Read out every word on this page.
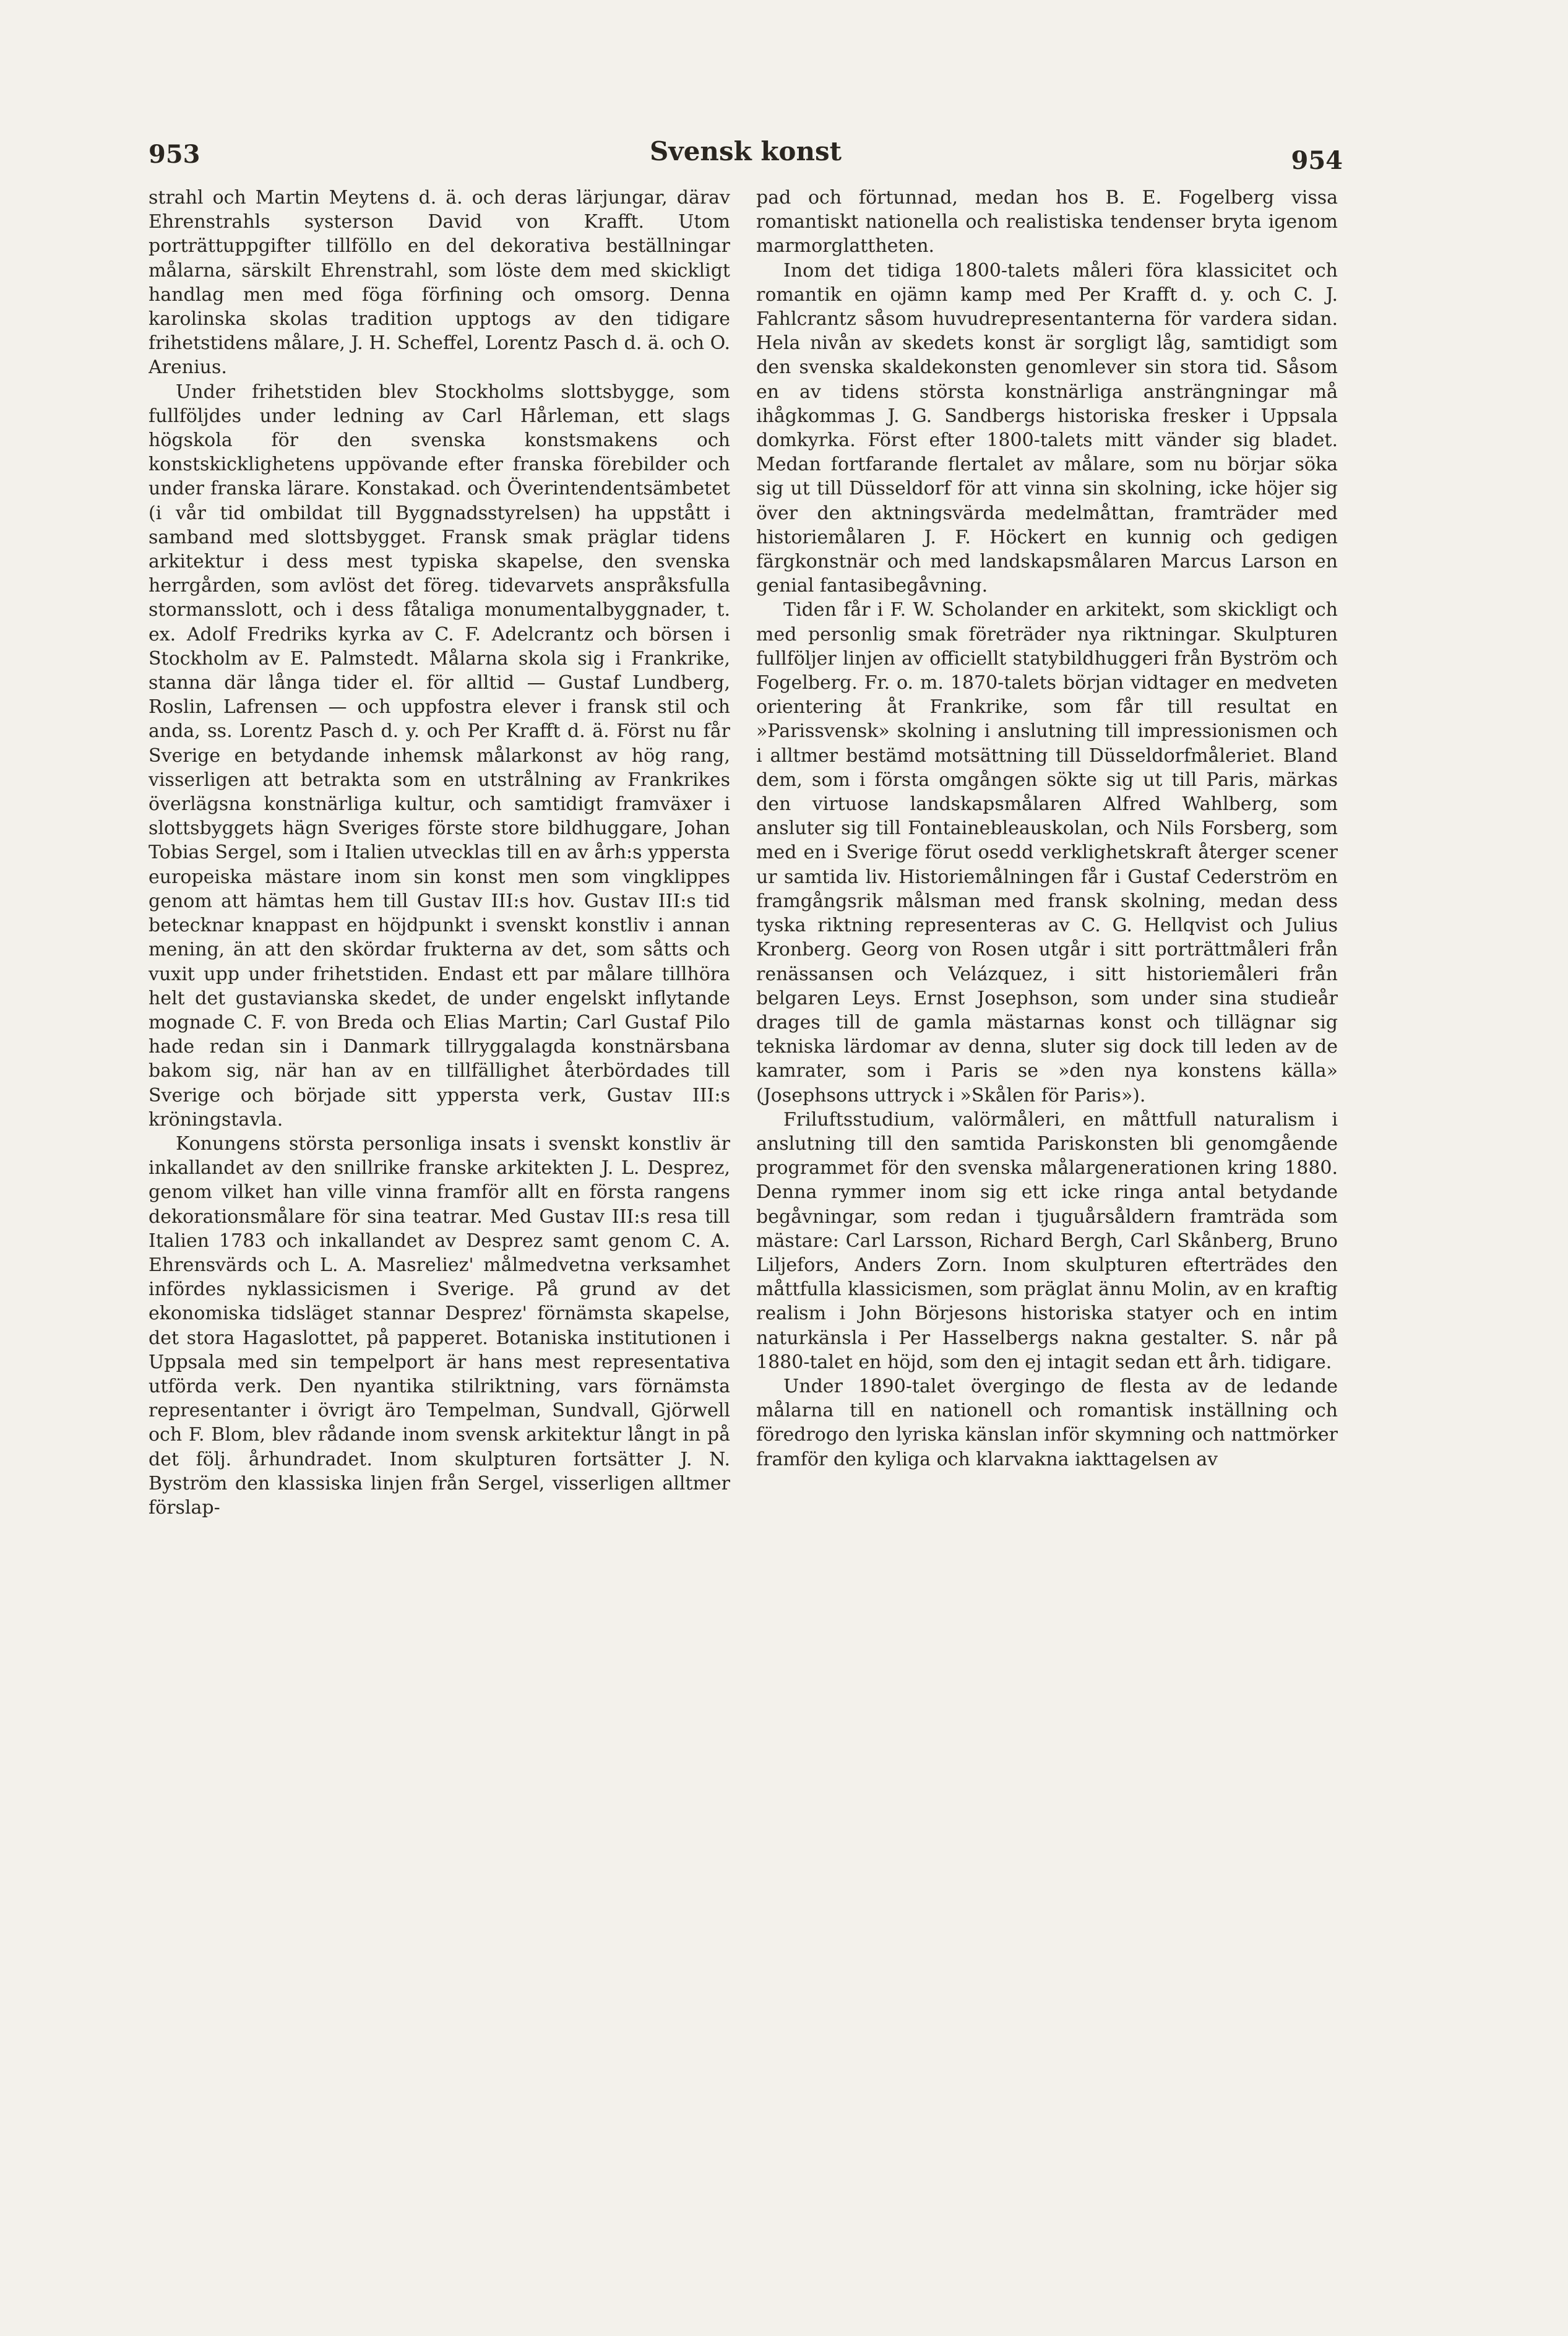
953	Svensk konst	954

strahl och Martin Meytens d. ä. och deras lärjungar, därav Ehrenstrahls systerson David von Krafft. Utom porträttuppgifter tillföllo en del dekorativa beställningar målarna, särskilt Ehrenstrahl, som löste dem med skickligt handlag men med föga förfining och omsorg. Denna karolinska skolas tradition upptogs av den tidigare frihetstidens målare, J. H. Scheffel, Lorentz Pasch d. ä. och O. Arenius.

Under frihetstiden blev Stockholms slottsbygge, som fullföljdes under ledning av Carl Hårleman, ett slags högskola för den svenska konstsmakens och konstskicklighetens uppövande efter franska förebilder och under franska lärare. Konstakad. och Överintendentsämbetet (i vår tid ombildat till Byggnadsstyrelsen) ha uppstått i samband med slottsbygget. Fransk smak präglar tidens arkitektur i dess mest typiska skapelse, den svenska herrgården, som avlöst det föreg. tidevarvets anspråksfulla stormansslott, och i dess fåtaliga monumentalbyggnader, t. ex. Adolf Fredriks kyrka av C. F. Adelcrantz och börsen i Stockholm av E. Palmstedt. Målarna skola sig i Frankrike, stanna där långa tider el. för alltid — Gustaf Lundberg, Roslin, Lafrensen — och uppfostra elever i fransk stil och anda, ss. Lorentz Pasch d. y. och Per Krafft d. ä. Först nu får Sverige en betydande inhemsk målarkonst av hög rang, visserligen att betrakta som en utstrålning av Frankrikes överlägsna konstnärliga kultur, och samtidigt framväxer i slottsbyggets hägn Sveriges förste store bildhuggare, Johan Tobias Sergel, som i Italien utvecklas till en av årh:s yppersta europeiska mästare inom sin konst men som vingklippes genom att hämtas hem till Gustav III:s hov. Gustav III:s tid betecknar knappast en höjdpunkt i svenskt konstliv i annan mening, än att den skördar frukterna av det, som såtts och vuxit upp under frihetstiden. Endast ett par målare tillhöra helt det gustavianska skedet, de under engelskt inflytande mognade C. F. von Breda och Elias Martin; Carl Gustaf Pilo hade redan sin i Danmark tillryggalagda konstnärsbana bakom sig, när han av en tillfällighet återbördades till Sverige och började sitt yppersta verk, Gustav III:s kröningstavla.

Konungens största personliga insats i svenskt konstliv är inkallandet av den snillrike franske arkitekten J. L. Desprez, genom vilket han ville vinna framför allt en första rangens dekorationsmålare för sina teatrar. Med Gustav III:s resa till Italien 1783 och inkallandet av Desprez samt genom C. A. Ehrensvärds och L. A. Masreliez' målmedvetna verksamhet infördes nyklassicismen i Sverige. På grund av det ekonomiska tidsläget stannar Desprez' förnämsta skapelse, det stora Hagaslottet, på papperet. Botaniska institutionen i Uppsala med sin tempelport är hans mest representativa utförda verk. Den nyantika stilriktning, vars förnämsta representanter i övrigt äro Tempelman, Sundvall, Gjörwell och F. Blom, blev rådande inom svensk arkitektur långt in på det följ. århundradet. Inom skulpturen fortsätter J. N. Byström den klassiska linjen från Sergel, visserligen alltmer förslap-

pad och förtunnad, medan hos B. E. Fogelberg vissa romantiskt nationella och realistiska tendenser bryta igenom marmorglattheten.

Inom det tidiga 1800-talets måleri föra klassicitet och romantik en ojämn kamp med Per Krafft d. y. och C. J. Fahlcrantz såsom huvudrepresentanterna för vardera sidan. Hela nivån av skedets konst är sorgligt låg, samtidigt som den svenska skaldekonsten genomlever sin stora tid. Såsom en av tidens största konstnärliga ansträngningar må ihågkommas J. G. Sandbergs historiska fresker i Uppsala domkyrka. Först efter 1800-talets mitt vänder sig bladet. Medan fortfarande flertalet av målare, som nu börjar söka sig ut till Düsseldorf för att vinna sin skolning, icke höjer sig över den aktningsvärda medelmåttan, framträder med historiemålaren J. F. Höckert en kunnig och gedigen färgkonstnär och med landskapsmålaren Marcus Larson en genial fantasibegåvning.

Tiden får i F. W. Scholander en arkitekt, som skickligt och med personlig smak företräder nya riktningar. Skulpturen fullföljer linjen av officiellt statybildhuggeri från Byström och Fogelberg. Fr. o. m. 1870-talets början vidtager en medveten orientering åt Frankrike, som får till resultat en »Parissvensk» skolning i anslutning till impressionismen och i alltmer bestämd motsättning till Düsseldorfmåleriet. Bland dem, som i första omgången sökte sig ut till Paris, märkas den virtuose landskapsmålaren Alfred Wahlberg, som ansluter sig till Fontainebleauskolan, och Nils Forsberg, som med en i Sverige förut osedd verklighetskraft återger scener ur samtida liv. Historiemålningen får i Gustaf Cederström en framgångsrik målsman med fransk skolning, medan dess tyska riktning representeras av C. G. Hellqvist och Julius Kronberg. Georg von Rosen utgår i sitt porträttmåleri från renässansen och Velázquez, i sitt historiemåleri från belgaren Leys. Ernst Josephson, som under sina studieår drages till de gamla mästarnas konst och tillägnar sig tekniska lärdomar av denna, sluter sig dock till leden av de kamrater, som i Paris se »den nya konstens källa» (Josephsons uttryck i »Skålen för Paris»).

Friluftsstudium, valörmåleri, en måttfull naturalism i anslutning till den samtida Pariskonsten bli genomgående programmet för den svenska målargenerationen kring 1880. Denna rymmer inom sig ett icke ringa antal betydande begåvningar, som redan i tjuguårsåldern framträda som mästare: Carl Larsson, Richard Bergh, Carl Skånberg, Bruno Liljefors, Anders Zorn. Inom skulpturen efterträdes den måttfulla klassicismen, som präglat ännu Molin, av en kraftig realism i John Börjesons historiska statyer och en intim naturkänsla i Per Hasselbergs nakna gestalter. S. når på 1880-talet en höjd, som den ej intagit sedan ett årh. tidigare.

Under 1890-talet övergingo de flesta av de ledande målarna till en nationell och romantisk inställning och föredrogo den lyriska känslan inför skymning och nattmörker framför den kyliga och klarvakna iakttagelsen av
